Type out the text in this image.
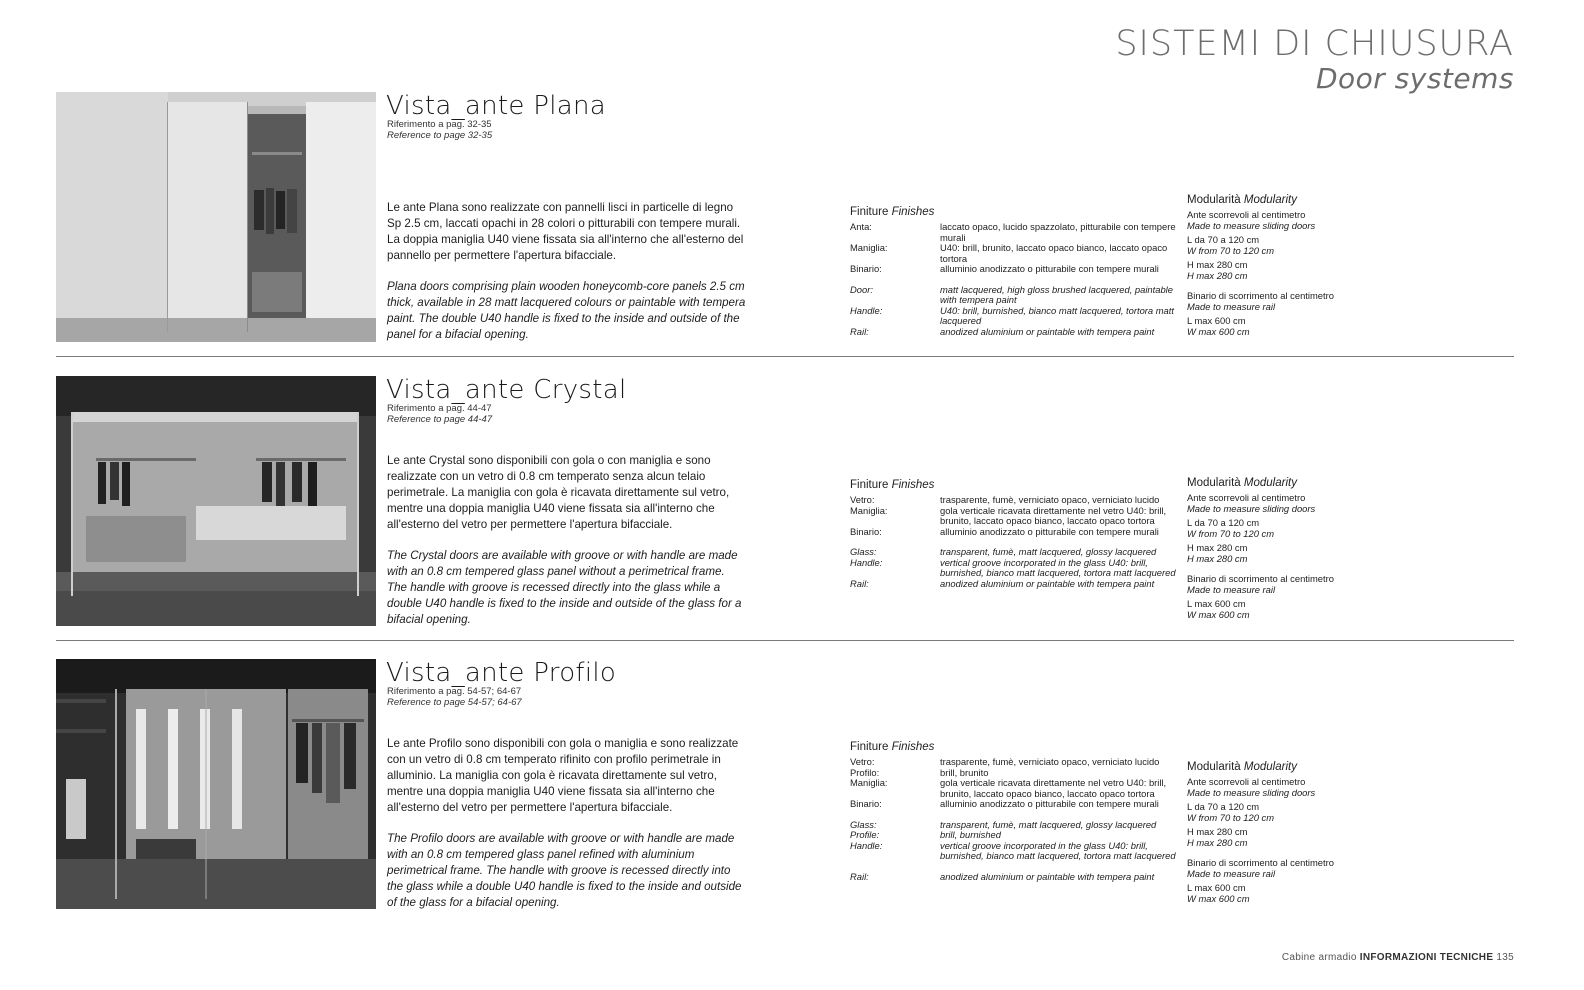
SISTEMI DI CHIUSURA
Door systems
Vista_ante Plana
Riferimento a pag. 32-35
Reference to page 32-35

Le ante Plana sono realizzate con pannelli lisci in particelle di legno Sp 2.5 cm, laccati opachi in 28 colori o pitturabili con tempere murali. La doppia maniglia U40 viene fissata sia all'interno che all'esterno del pannello per permettere l'apertura bifacciale.

Plana doors comprising plain wooden honeycomb-core panels 2.5 cm thick, available in 28 matt lacquered colours or paintable with tempera paint. The double U40 handle is fixed to the inside and outside of the panel for a bifacial opening.

Finiture Finishes
Anta:	laccato opaco, lucido spazzolato, pitturabile con tempere murali
Maniglia:	U40: brill, brunito, laccato opaco bianco, laccato opaco tortora
Binario:	alluminio anodizzato o pitturabile con tempere murali
Door:	matt lacquered, high gloss brushed lacquered, paintable with tempera paint
Handle:	U40: brill, burnished, bianco matt lacquered, tortora matt lacquered
Rail:	anodized aluminium or paintable with tempera paint
Modularità Modularity
Ante scorrevoli al centimetro
Made to measure sliding doors
L da 70 a 120 cm
W from 70 to 120 cm
H max 280 cm
H max 280 cm
Binario di scorrimento al centimetro
Made to measure rail
L max 600 cm
W max 600 cm
Vista_ante Crystal
Riferimento a pag. 44-47
Reference to page 44-47

Le ante Crystal sono disponibili con gola o con maniglia e sono realizzate con un vetro di 0.8 cm temperato senza alcun telaio perimetrale. La maniglia con gola è ricavata direttamente sul vetro, mentre una doppia maniglia U40 viene fissata sia all'interno che all'esterno del vetro per permettere l'apertura bifacciale.

The Crystal doors are available with groove or with handle are made with an 0.8 cm tempered glass panel without a perimetrical frame. The handle with groove is recessed directly into the glass while a double U40 handle is fixed to the inside and outside of the glass for a bifacial opening.

Finiture Finishes
Vetro:	trasparente, fumè, verniciato opaco, verniciato lucido
Maniglia:	gola verticale ricavata direttamente nel vetro U40: brill, brunito, laccato opaco bianco, laccato opaco tortora
Binario:	alluminio anodizzato o pitturabile con tempere murali
Glass:	transparent, fumè, matt lacquered, glossy lacquered
Handle:	vertical groove incorporated in the glass U40: brill, burnished, bianco matt lacquered, tortora matt lacquered
Rail:	anodized aluminium or paintable with tempera paint
Modularità Modularity
Ante scorrevoli al centimetro
Made to measure sliding doors
L da 70 a 120 cm
W from 70 to 120 cm
H max 280 cm
H max 280 cm
Binario di scorrimento al centimetro
Made to measure rail
L max 600 cm
W max 600 cm
Vista_ante Profilo
Riferimento a pag. 54-57; 64-67
Reference to page 54-57; 64-67

Le ante Profilo sono disponibili con gola o maniglia e sono realizzate con un vetro di 0.8 cm temperato rifinito con profilo perimetrale in alluminio. La maniglia con gola è ricavata direttamente sul vetro, mentre una doppia maniglia U40 viene fissata sia all'interno che all'esterno del vetro per permettere l'apertura bifacciale.

The Profilo doors are available with groove or with handle are made with an 0.8 cm tempered glass panel refined with aluminium perimetrical frame. The handle with groove is recessed directly into the glass while a double U40 handle is fixed to the inside and outside of the glass for a bifacial opening.

Finiture Finishes
Vetro:	trasparente, fumè, verniciato opaco, verniciato lucido
Profilo:	brill, brunito
Maniglia:	gola verticale ricavata direttamente nel vetro U40: brill, brunito, laccato opaco bianco, laccato opaco tortora
Binario:	alluminio anodizzato o pitturabile con tempere murali
Glass:	transparent, fumè, matt lacquered, glossy lacquered
Profile:	brill, burnished
Handle:	vertical groove incorporated in the glass U40: brill, burnished, bianco matt lacquered, tortora matt lacquered
Rail:	anodized aluminium or paintable with tempera paint
Modularità Modularity
Ante scorrevoli al centimetro
Made to measure sliding doors
L da 70 a 120 cm
W from 70 to 120 cm
H max 280 cm
H max 280 cm
Binario di scorrimento al centimetro
Made to measure rail
L max 600 cm
W max 600 cm
Cabine armadio INFORMAZIONI TECNICHE 135
